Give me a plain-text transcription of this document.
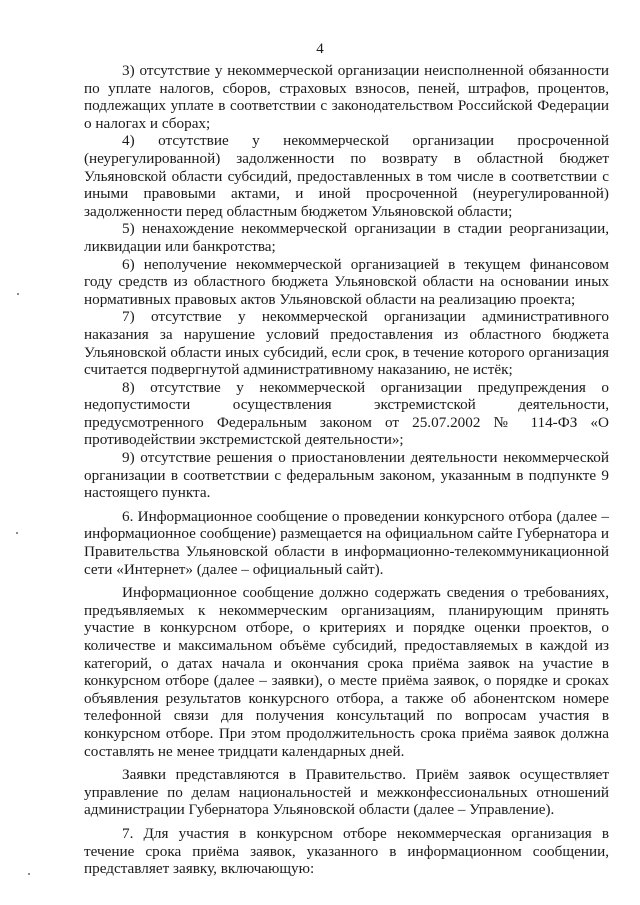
4

3) отсутствие у некоммерческой организации неисполненной обязанности по уплате налогов, сборов, страховых взносов, пеней, штрафов, процентов, подлежащих уплате в соответствии с законодательством Российской Федерации о налогах и сборах;

4) отсутствие у некоммерческой организации просроченной (неурегулированной) задолженности по возврату в областной бюджет Ульяновской области субсидий, предоставленных в том числе в соответствии с иными правовыми актами, и иной просроченной (неурегулированной) задолженности перед областным бюджетом Ульяновской области;

5) ненахождение некоммерческой организации в стадии реорганизации, ликвидации или банкротства;

6) неполучение некоммерческой организацией в текущем финансовом году средств из областного бюджета Ульяновской области на основании иных нормативных правовых актов Ульяновской области на реализацию проекта;

7) отсутствие у некоммерческой организации административного наказания за нарушение условий предоставления из областного бюджета Ульяновской области иных субсидий, если срок, в течение которого организация считается подвергнутой административному наказанию, не истёк;

8) отсутствие у некоммерческой организации предупреждения о недопустимости осуществления экстремистской деятельности, предусмотренного Федеральным законом от 25.07.2002 № 114-ФЗ «О противодействии экстремистской деятельности»;

9) отсутствие решения о приостановлении деятельности некоммерческой организации в соответствии с федеральным законом, указанным в подпункте 9 настоящего пункта.

6. Информационное сообщение о проведении конкурсного отбора (далее – информационное сообщение) размещается на официальном сайте Губернатора и Правительства Ульяновской области в информационно-телекоммуникационной сети «Интернет» (далее – официальный сайт).

Информационное сообщение должно содержать сведения о требованиях, предъявляемых к некоммерческим организациям, планирующим принять участие в конкурсном отборе, о критериях и порядке оценки проектов, о количестве и максимальном объёме субсидий, предоставляемых в каждой из категорий, о датах начала и окончания срока приёма заявок на участие в конкурсном отборе (далее – заявки), о месте приёма заявок, о порядке и сроках объявления результатов конкурсного отбора, а также об абонентском номере телефонной связи для получения консультаций по вопросам участия в конкурсном отборе. При этом продолжительность срока приёма заявок должна составлять не менее тридцати календарных дней.

Заявки представляются в Правительство. Приём заявок осуществляет управление по делам национальностей и межконфессиональных отношений администрации Губернатора Ульяновской области (далее – Управление).

7. Для участия в конкурсном отборе некоммерческая организация в течение срока приёма заявок, указанного в информационном сообщении, представляет заявку, включающую:
